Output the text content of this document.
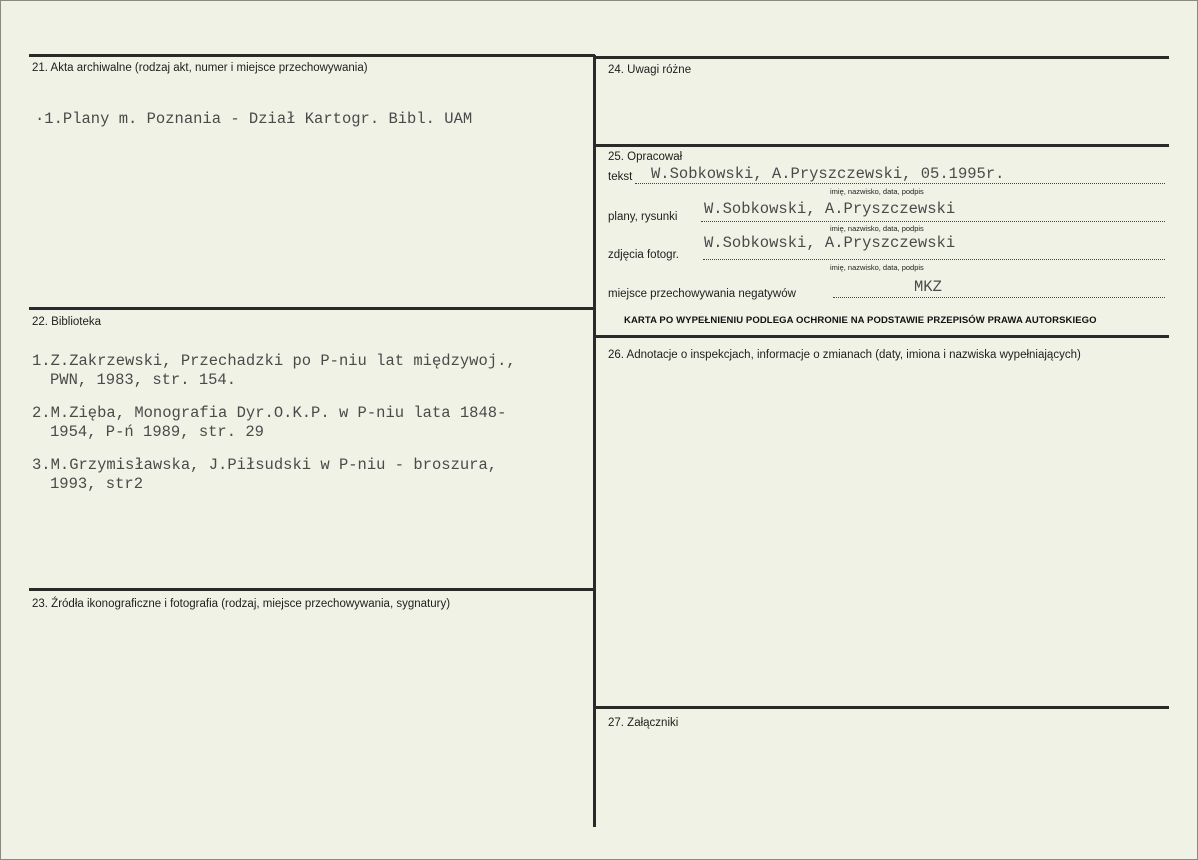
21. Akta archiwalne (rodzaj akt, numer i miejsce przechowywania)
·1.Plany m. Poznania - Dział Kartogr. Bibl. UAM
22. Biblioteka
1.Z.Zakrzewski, Przechadzki po P-niu lat międzywoj.,
PWN, 1983, str. 154.
2.M.Zięba, Monografia Dyr.O.K.P. w P-niu lata 1848-
1954, P-ń 1989, str. 29
3.M.Grzymisławska, J.Piłsudski w P-niu - broszura,
1993, str2
23. Źródła ikonograficzne i fotografia (rodzaj, miejsce przechowywania, sygnatury)
24. Uwagi różne
25. Opracował
tekst W.Sobkowski, A.Pryszczewski, 05.1995r.
imię, nazwisko, data, podpis
plany, rysunki W.Sobkowski, A.Pryszczewski
imię, nazwisko, data, podpis
zdjęcia fotogr.
W.Sobkowski, A.Pryszczewski
imię, nazwisko, data, podpis
miejsce przechowywania negatywów	MKZ
KARTA PO WYPEŁNIENIU PODLEGA OCHRONIE NA PODSTAWIE PRZEPISÓW PRAWA AUTORSKIEGO
26. Adnotacje o inspekcjach, informacje o zmianach (daty, imiona i nazwiska wypełniających)
27. Załączniki
